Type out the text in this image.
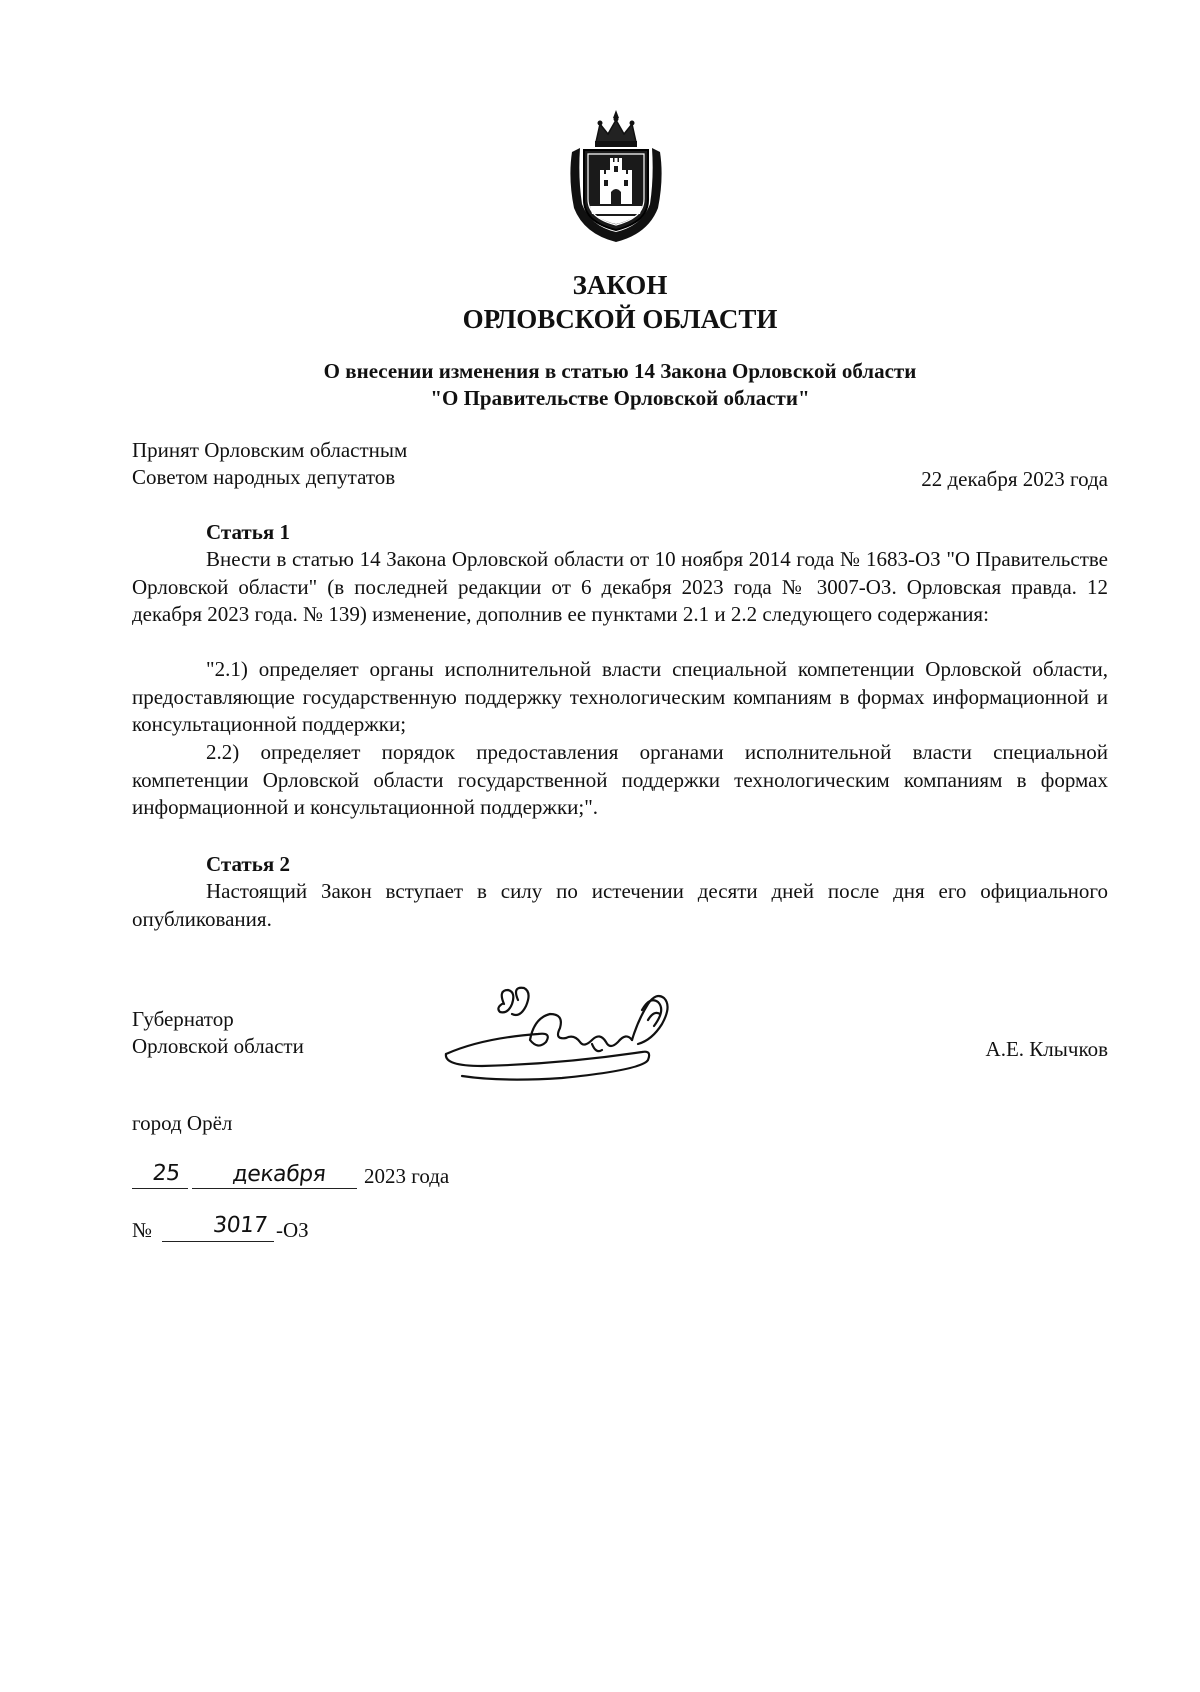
ЗАКОН
ОРЛОВСКОЙ ОБЛАСТИ
О внесении изменения в статью 14 Закона Орловской области
"О Правительстве Орловской области"
Принят Орловским областным
Советом народных депутатов	22 декабря 2023 года
Статья 1
Внести в статью 14 Закона Орловской области от 10 ноября 2014 года № 1683-ОЗ "О Правительстве Орловской области" (в последней редакции от 6 декабря 2023 года № 3007-ОЗ. Орловская правда. 12 декабря 2023 года. № 139) изменение, дополнив ее пунктами 2.1 и 2.2 следующего содержания:
"2.1) определяет органы исполнительной власти специальной компетенции Орловской области, предоставляющие государственную поддержку технологическим компаниям в формах информационной и консультационной поддержки;
2.2) определяет порядок предоставления органами исполнительной власти специальной компетенции Орловской области государственной поддержки технологическим компаниям в формах информационной и консультационной поддержки;".
Статья 2
Настоящий Закон вступает в силу по истечении десяти дней после дня его официального опубликования.
Губернатор
Орловской области	А.Е. Клычков
город Орёл
25	декабря	2023 года
№	3017 -ОЗ
